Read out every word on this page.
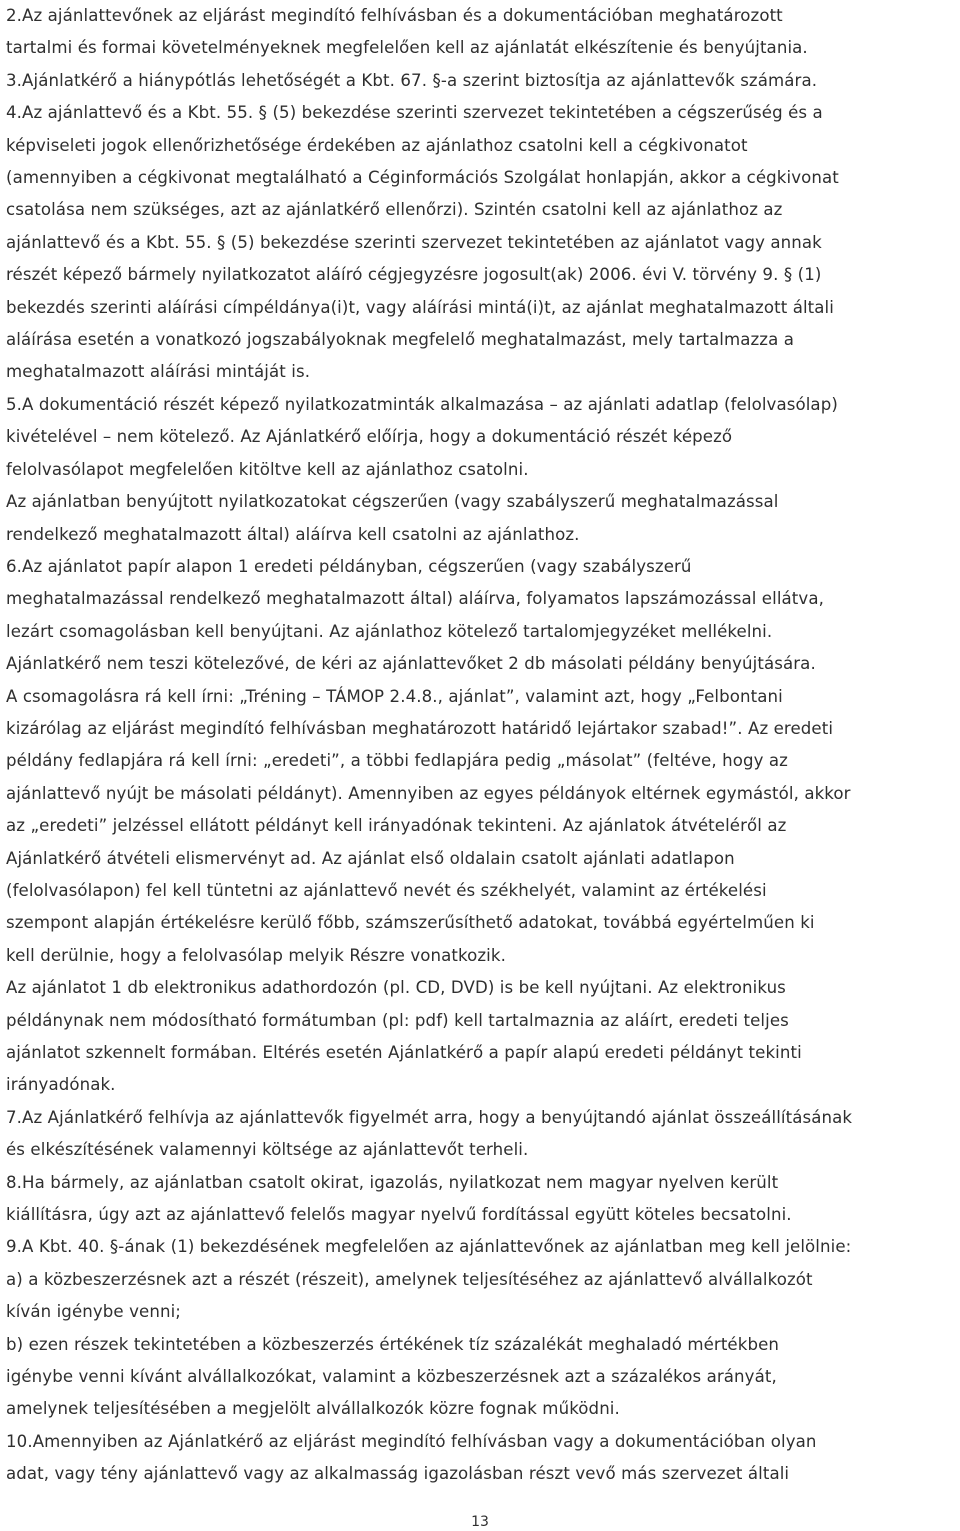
2.Az ajánlattevőnek az eljárást megindító felhívásban és a dokumentációban meghatározott
tartalmi és formai követelményeknek megfelelően kell az ajánlatát elkészítenie és benyújtania.

3.Ajánlatkérő a hiánypótlás lehetőségét a Kbt. 67. §-a szerint biztosítja az ajánlattevők számára.

4.Az ajánlattevő és a Kbt. 55. § (5) bekezdése szerinti szervezet tekintetében a cégszerűség és a
képviseleti jogok ellenőrizhetősége érdekében az ajánlathoz csatolni kell a cégkivonatot
(amennyiben a cégkivonat megtalálható a Céginformációs Szolgálat honlapján, akkor a cégkivonat
csatolása nem szükséges, azt az ajánlatkérő ellenőrzi). Szintén csatolni kell az ajánlathoz az
ajánlattevő és a Kbt. 55. § (5) bekezdése szerinti szervezet tekintetében az ajánlatot vagy annak
részét képező bármely nyilatkozatot aláíró cégjegyzésre jogosult(ak) 2006. évi V. törvény 9. § (1)
bekezdés szerinti aláírási címpéldánya(i)t, vagy aláírási mintá(i)t, az ajánlat meghatalmazott általi
aláírása esetén a vonatkozó jogszabályoknak megfelelő meghatalmazást, mely tartalmazza a
meghatalmazott aláírási mintáját is.

5.A dokumentáció részét képező nyilatkozatminták alkalmazása – az ajánlati adatlap (felolvasólap)
kivételével – nem kötelező. Az Ajánlatkérő előírja, hogy a dokumentáció részét képező
felolvasólapot megfelelően kitöltve kell az ajánlathoz csatolni.

Az ajánlatban benyújtott nyilatkozatokat cégszerűen (vagy szabályszerű meghatalmazással
rendelkező meghatalmazott által) aláírva kell csatolni az ajánlathoz.

6.Az ajánlatot papír alapon 1 eredeti példányban, cégszerűen (vagy szabályszerű
meghatalmazással rendelkező meghatalmazott által) aláírva, folyamatos lapszámozással ellátva,
lezárt csomagolásban kell benyújtani. Az ajánlathoz kötelező tartalomjegyzéket mellékelni.
Ajánlatkérő nem teszi kötelezővé, de kéri az ajánlattevőket 2 db másolati példány benyújtására.
A csomagolásra rá kell írni: „Tréning – TÁMOP 2.4.8., ajánlat”, valamint azt, hogy „Felbontani
kizárólag az eljárást megindító felhívásban meghatározott határidő lejártakor szabad!”. Az eredeti
példány fedlapjára rá kell írni: „eredeti”, a többi fedlapjára pedig „másolat” (feltéve, hogy az
ajánlattevő nyújt be másolati példányt). Amennyiben az egyes példányok eltérnek egymástól, akkor
az „eredeti” jelzéssel ellátott példányt kell irányadónak tekinteni. Az ajánlatok átvételéről az
Ajánlatkérő átvételi elismervényt ad. Az ajánlat első oldalain csatolt ajánlati adatlapon
(felolvasólapon) fel kell tüntetni az ajánlattevő nevét és székhelyét, valamint az értékelési
szempont alapján értékelésre kerülő főbb, számszerűsíthető adatokat, továbbá egyértelműen ki
kell derülnie, hogy a felolvasólap melyik Részre vonatkozik.

Az ajánlatot 1 db elektronikus adathordozón (pl. CD, DVD) is be kell nyújtani. Az elektronikus
példánynak nem módosítható formátumban (pl: pdf) kell tartalmaznia az aláírt, eredeti teljes
ajánlatot szkennelt formában. Eltérés esetén Ajánlatkérő a papír alapú eredeti példányt tekinti
irányadónak.

7.Az Ajánlatkérő felhívja az ajánlattevők figyelmét arra, hogy a benyújtandó ajánlat összeállításának
és elkészítésének valamennyi költsége az ajánlattevőt terheli.

8.Ha bármely, az ajánlatban csatolt okirat, igazolás, nyilatkozat nem magyar nyelven került
kiállításra, úgy azt az ajánlattevő felelős magyar nyelvű fordítással együtt köteles becsatolni.

9.A Kbt. 40. §-ának (1) bekezdésének megfelelően az ajánlattevőnek az ajánlatban meg kell jelölnie:
a) a közbeszerzésnek azt a részét (részeit), amelynek teljesítéséhez az ajánlattevő alvállalkozót
kíván igénybe venni;
b) ezen részek tekintetében a közbeszerzés értékének tíz százalékát meghaladó mértékben
igénybe venni kívánt alvállalkozókat, valamint a közbeszerzésnek azt a százalékos arányát,
amelynek teljesítésében a megjelölt alvállalkozók közre fognak működni.

10.Amennyiben az Ajánlatkérő az eljárást megindító felhívásban vagy a dokumentációban olyan
adat, vagy tény ajánlattevő vagy az alkalmasság igazolásban részt vevő más szervezet általi

13
